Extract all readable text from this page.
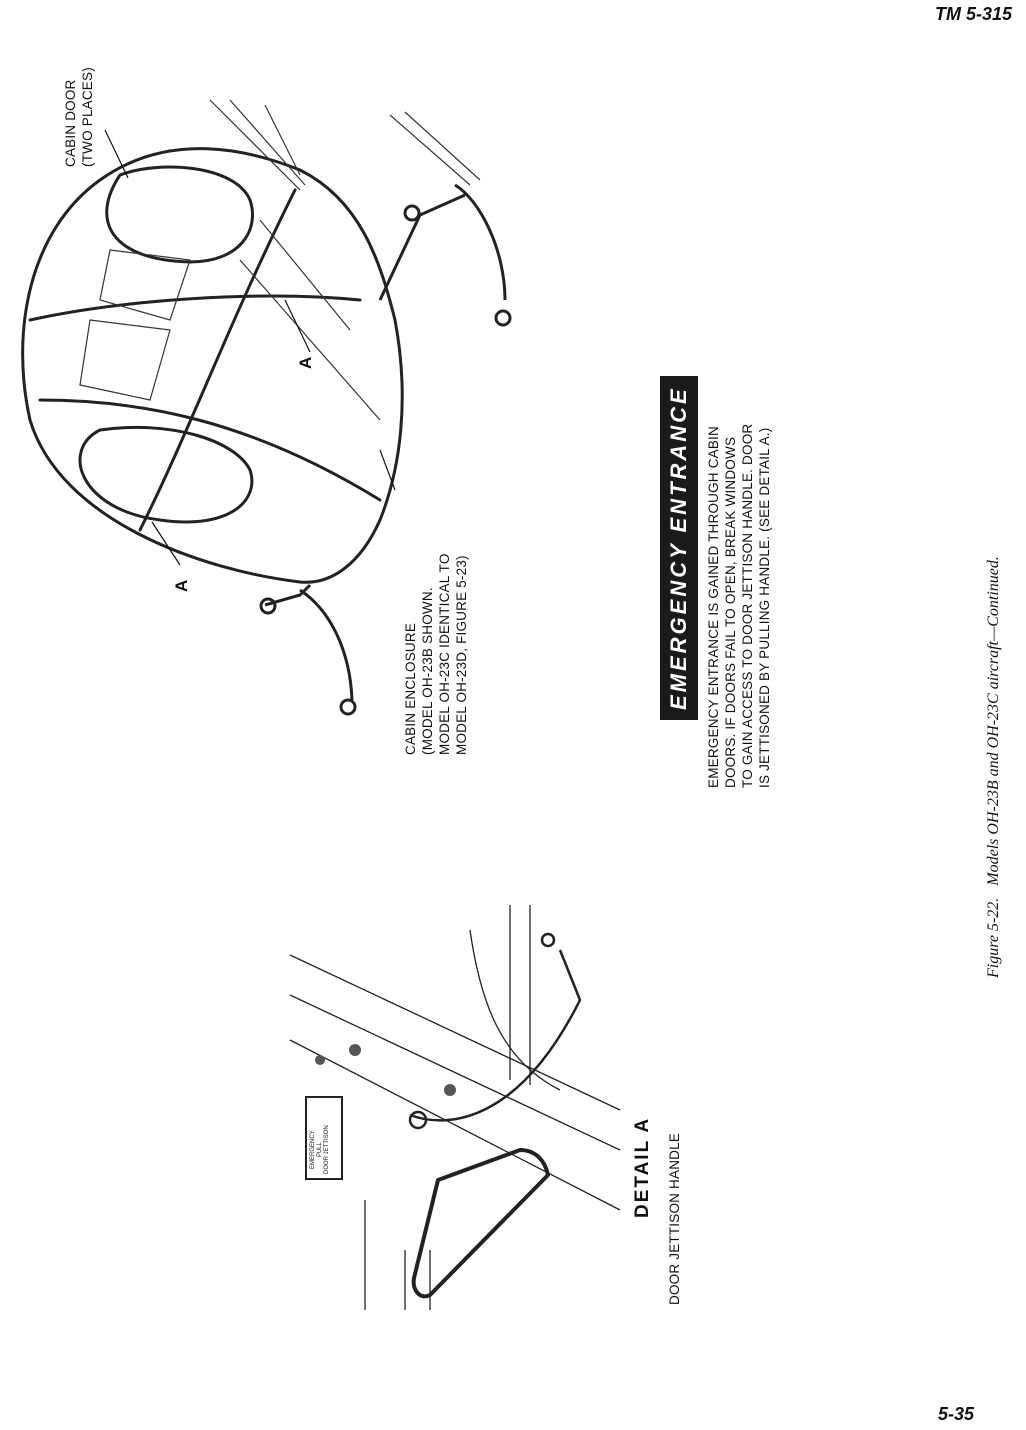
TM 5-315
5-35
CABIN DOOR (TWO PLACES)
CABIN ENCLOSURE (MODEL OH-23B SHOWN. MODEL OH-23C IDENTICAL TO MODEL OH-23D, FIGURE 5-23)
A
A
EMERGENCY PULL DOOR JETTISON	DETAIL A DOOR JETTISON HANDLE
EMERGENCY ENTRANCE	EMERGENCY ENTRANCE IS GAINED THROUGH CABIN DOORS. IF DOORS FAIL TO OPEN, BREAK WINDOWS TO GAIN ACCESS TO DOOR JETTISON HANDLE. DOOR IS JETTISONED BY PULLING HANDLE. (SEE DETAIL A.)
Figure 5-22.   Models OH-23B and OH-23C aircraft—Continued.
